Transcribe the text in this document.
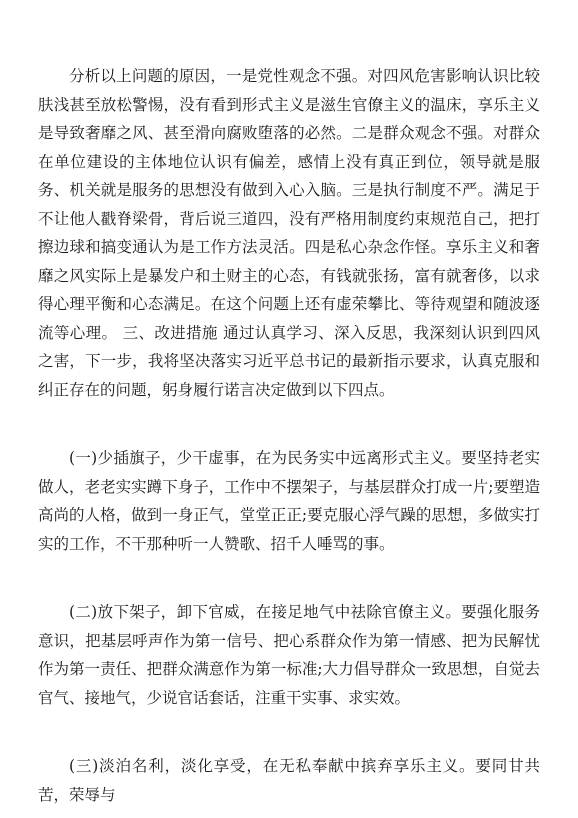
分析以上问题的原因，一是党性观念不强。对四风危害影响认识比较肤浅甚至放松警惕，没有看到形式主义是滋生官僚主义的温床，享乐主义是导致奢靡之风、甚至滑向腐败堕落的必然。二是群众观念不强。对群众在单位建设的主体地位认识有偏差，感情上没有真正到位，领导就是服务、机关就是服务的思想没有做到入心入脑。三是执行制度不严。满足于不让他人戳脊梁骨，背后说三道四，没有严格用制度约束规范自己，把打擦边球和搞变通认为是工作方法灵活。四是私心杂念作怪。享乐主义和奢靡之风实际上是暴发户和土财主的心态，有钱就张扬，富有就奢侈，以求得心理平衡和心态满足。在这个问题上还有虚荣攀比、等待观望和随波逐流等心理。 三、改进措施 通过认真学习、深入反思，我深刻认识到四风之害，下一步，我将坚决落实习近平总书记的最新指示要求，认真克服和纠正存在的问题，躬身履行诺言决定做到以下四点。

(一)少插旗子，少干虚事，在为民务实中远离形式主义。要坚持老实做人，老老实实蹲下身子，工作中不摆架子，与基层群众打成一片;要塑造高尚的人格，做到一身正气，堂堂正正;要克服心浮气躁的思想，多做实打实的工作，不干那种听一人赞歌、招千人唾骂的事。

(二)放下架子，卸下官威，在接足地气中祛除官僚主义。要强化服务意识，把基层呼声作为第一信号、把心系群众作为第一情感、把为民解忧作为第一责任、把群众满意作为第一标准;大力倡导群众一致思想，自觉去官气、接地气，少说官话套话，注重干实事、求实效。

(三)淡泊名利，淡化享受，在无私奉献中摈弃享乐主义。要同甘共苦，荣辱与
